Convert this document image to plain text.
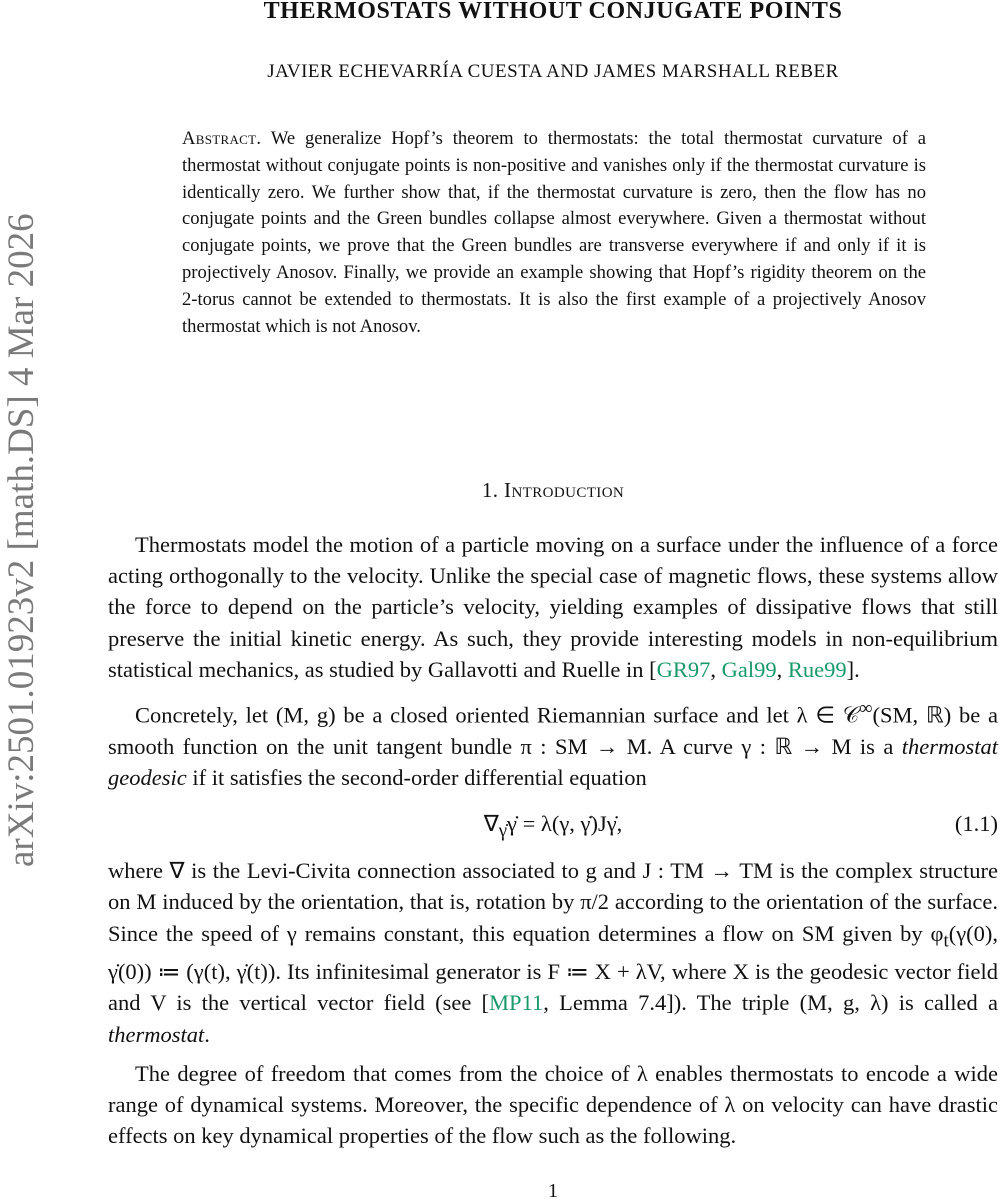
arXiv:2501.01923v2 [math.DS] 4 Mar 2026
THERMOSTATS WITHOUT CONJUGATE POINTS
JAVIER ECHEVARRÍA CUESTA AND JAMES MARSHALL REBER
Abstract. We generalize Hopf’s theorem to thermostats: the total thermostat curvature of a thermostat without conjugate points is non-positive and vanishes only if the thermostat curvature is identically zero. We further show that, if the thermostat curvature is zero, then the flow has no conjugate points and the Green bundles collapse almost everywhere. Given a thermostat without conjugate points, we prove that the Green bundles are transverse everywhere if and only if it is projectively Anosov. Finally, we provide an example showing that Hopf’s rigidity theorem on the 2-torus cannot be extended to thermostats. It is also the first example of a projectively Anosov thermostat which is not Anosov.
1. Introduction

Thermostats model the motion of a particle moving on a surface under the influence of a force acting orthogonally to the velocity. Unlike the special case of magnetic flows, these systems allow the force to depend on the particle’s velocity, yielding examples of dissipative flows that still preserve the initial kinetic energy. As such, they provide interesting models in non-equilibrium statistical mechanics, as studied by Gallavotti and Ruelle in [GR97, Gal99, Rue99].

Concretely, let (M, g) be a closed oriented Riemannian surface and let λ ∈ 𝒞∞(SM, ℝ) be a smooth function on the unit tangent bundle π : SM → M. A curve γ : ℝ → M is a thermostat geodesic if it satisfies the second-order differential equation

$\nabla_{\gammȧ}\gammȧ = \lambda(\gamma$, γ̇)Jγ̇,	(1.1)

where ∇ is the Levi-Civita connection associated to g and J : TM → TM is the complex structure on M induced by the orientation, that is, rotation by π/2 according to the orientation of the surface. Since the speed of γ remains constant, this equation determines a flow on SM given by $\varphi_t(\gamma(0)$, γ̇(0)) ≔ (γ(t), γ̇(t)). Its infinitesimal generator is F ≔ X + λV, where X is the geodesic vector field and V is the vertical vector field (see [MP11, Lemma 7.4]). The triple (M, g, λ) is called a thermostat.

The degree of freedom that comes from the choice of λ enables thermostats to encode a wide range of dynamical systems. Moreover, the specific dependence of λ on velocity can have drastic effects on key dynamical properties of the flow such as the following.

1
